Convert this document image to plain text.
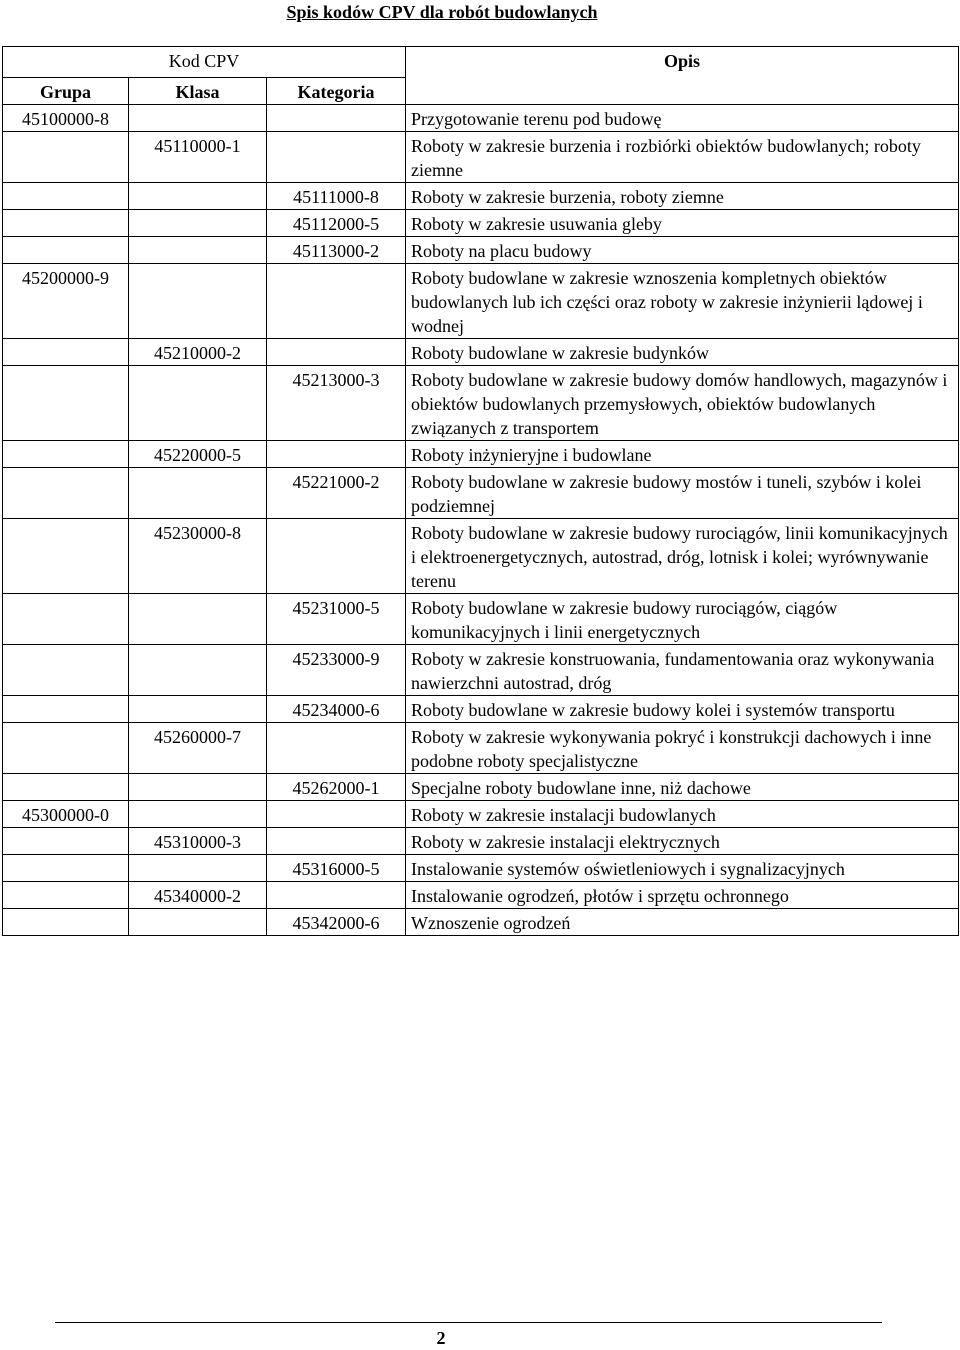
Spis kodów CPV dla robót budowlanych
Kod CPV			Opis
Grupa	Klasa	Kategoria	
45100000-8			Przygotowanie terenu pod budowę
	45110000-1		Roboty w zakresie burzenia i rozbiórki obiektów budowlanych; roboty ziemne
		45111000-8	Roboty w zakresie burzenia, roboty ziemne
		45112000-5	Roboty w zakresie usuwania gleby
		45113000-2	Roboty na placu budowy
45200000-9			Roboty budowlane w zakresie wznoszenia kompletnych obiektów budowlanych lub ich części oraz roboty w zakresie inżynierii lądowej i wodnej
	45210000-2		Roboty budowlane w zakresie budynków
		45213000-3	Roboty budowlane w zakresie budowy domów handlowych, magazynów i obiektów budowlanych przemysłowych, obiektów budowlanych związanych z transportem
	45220000-5		Roboty inżynieryjne i budowlane
		45221000-2	Roboty budowlane w zakresie budowy mostów i tuneli, szybów i kolei podziemnej
	45230000-8		Roboty budowlane w zakresie budowy rurociągów, linii komunikacyjnych i elektroenergetycznych, autostrad, dróg, lotnisk i kolei; wyrównywanie terenu
		45231000-5	Roboty budowlane w zakresie budowy rurociągów, ciągów komunikacyjnych i linii energetycznych
		45233000-9	Roboty w zakresie konstruowania, fundamentowania oraz wykonywania nawierzchni autostrad, dróg
		45234000-6	Roboty budowlane w zakresie budowy kolei i systemów transportu
	45260000-7		Roboty w zakresie wykonywania pokryć i konstrukcji dachowych i inne podobne roboty specjalistyczne
		45262000-1	Specjalne roboty budowlane inne, niż dachowe
45300000-0			Roboty w zakresie instalacji budowlanych
	45310000-3		Roboty w zakresie instalacji elektrycznych
		45316000-5	Instalowanie systemów oświetleniowych i sygnalizacyjnych
	45340000-2		Instalowanie ogrodzeń, płotów i sprzętu ochronnego
		45342000-6	Wznoszenie ogrodzeń
2
